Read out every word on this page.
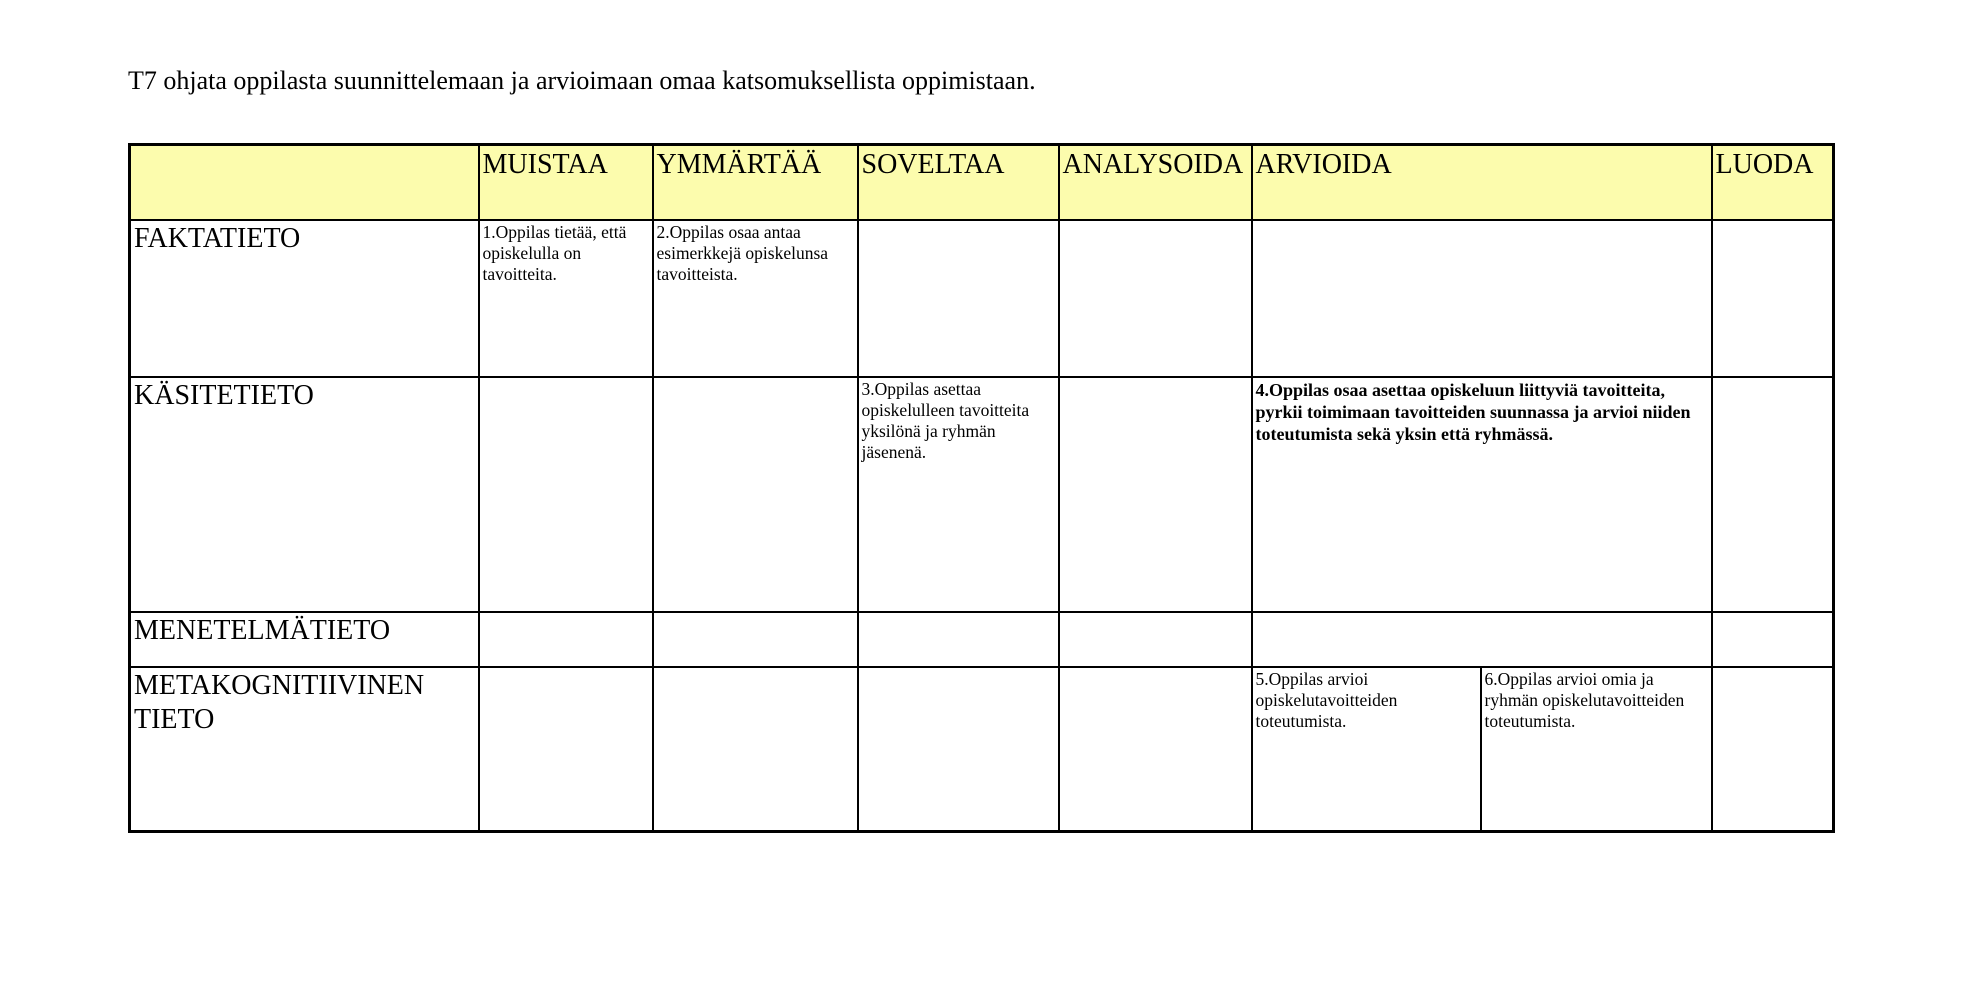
T7 ohjata oppilasta suunnittelemaan ja arvioimaan omaa katsomuksellista oppimistaan.
	MUISTAA	YMMÄRTÄÄ	SOVELTAA	ANALYSOIDA	ARVIOIDA		LUODA
FAKTATIETO	1.Oppilas tietää, että opiskelulla on tavoitteita.	2.Oppilas osaa antaa esimerkkejä opiskelunsa tavoitteista.					
KÄSITETIETO			3.Oppilas asettaa opiskelulleen tavoitteita yksilönä ja ryhmän jäsenenä.		4.Oppilas osaa asettaa opiskeluun liittyviä tavoitteita, pyrkii toimimaan tavoitteiden suunnassa ja arvioi niiden toteutumista sekä yksin että ryhmässä.		
MENETELMÄTIETO							
METAKOGNITIIVINEN TIETO					5.Oppilas arvioi opiskelutavoitteiden toteutumista.	6.Oppilas arvioi omia ja ryhmän opiskelutavoitteiden toteutumista.	
